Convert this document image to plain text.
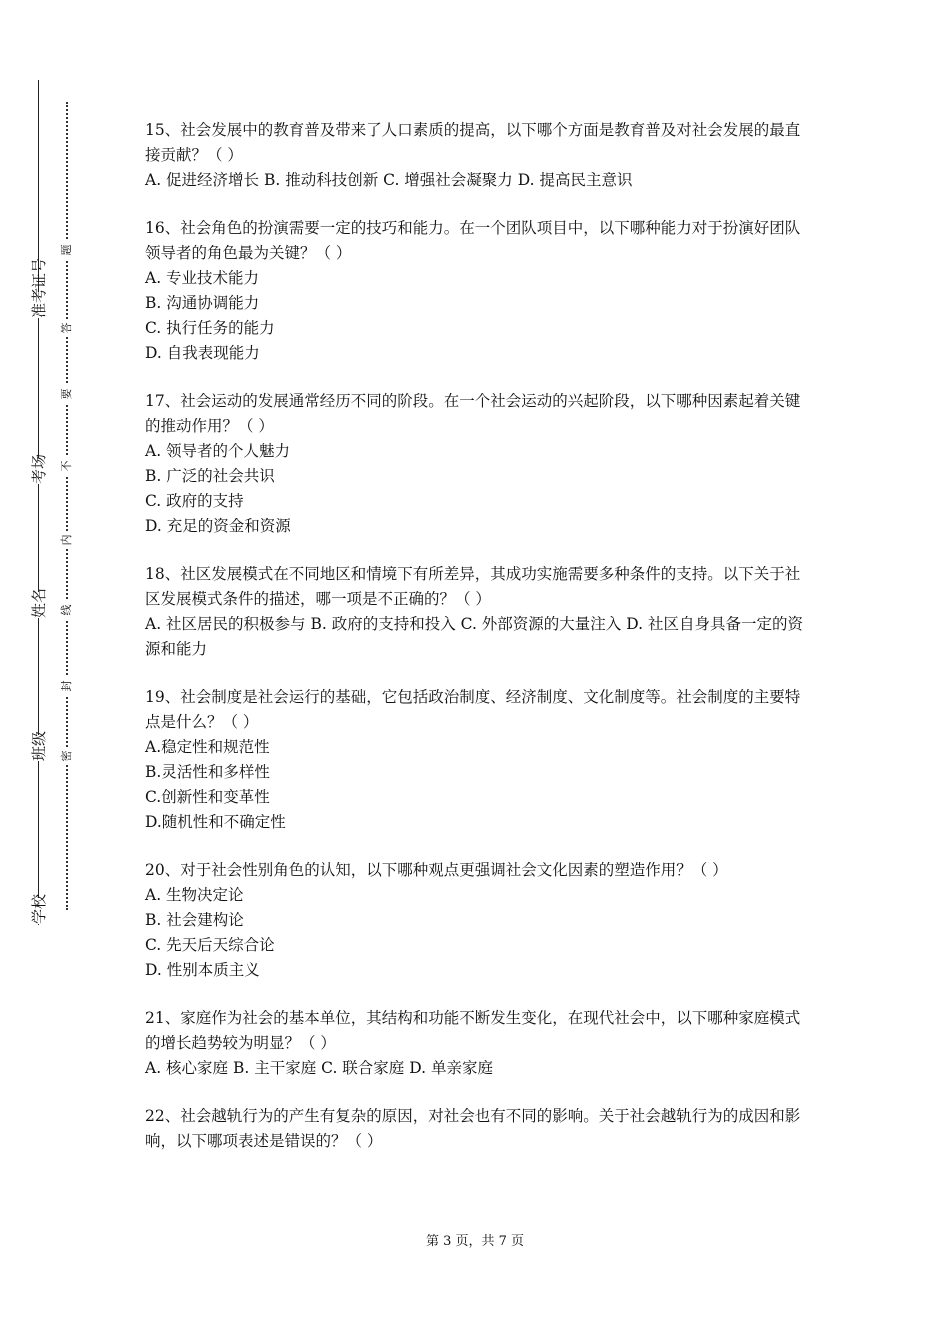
准考证号
考场
姓名
班级
学校
题
答
要
不
内
线
封
密

15、社会发展中的教育普及带来了人口素质的提高，以下哪个方面是教育普及对社会发展的最直接贡献？（ ）

A. 促进经济增长 B. 推动科技创新 C. 增强社会凝聚力 D. 提高民主意识

16、社会角色的扮演需要一定的技巧和能力。在一个团队项目中，以下哪种能力对于扮演好团队领导者的角色最为关键？（ ）

A. 专业技术能力

B. 沟通协调能力

C. 执行任务的能力

D. 自我表现能力

17、社会运动的发展通常经历不同的阶段。在一个社会运动的兴起阶段，以下哪种因素起着关键的推动作用？（ ）

A. 领导者的个人魅力

B. 广泛的社会共识

C. 政府的支持

D. 充足的资金和资源

18、社区发展模式在不同地区和情境下有所差异，其成功实施需要多种条件的支持。以下关于社区发展模式条件的描述，哪一项是不正确的？（ ）

A. 社区居民的积极参与 B. 政府的支持和投入 C. 外部资源的大量注入 D. 社区自身具备一定的资源和能力

19、社会制度是社会运行的基础，它包括政治制度、经济制度、文化制度等。社会制度的主要特点是什么？（ ）

A.稳定性和规范性

B.灵活性和多样性

C.创新性和变革性

D.随机性和不确定性

20、对于社会性别角色的认知，以下哪种观点更强调社会文化因素的塑造作用？（ ）

A. 生物决定论

B. 社会建构论

C. 先天后天综合论

D. 性别本质主义

21、家庭作为社会的基本单位，其结构和功能不断发生变化，在现代社会中，以下哪种家庭模式的增长趋势较为明显？（ ）

A. 核心家庭 B. 主干家庭 C. 联合家庭 D. 单亲家庭

22、社会越轨行为的产生有复杂的原因，对社会也有不同的影响。关于社会越轨行为的成因和影响，以下哪项表述是错误的？（ ）

第 3 页，共 7 页
